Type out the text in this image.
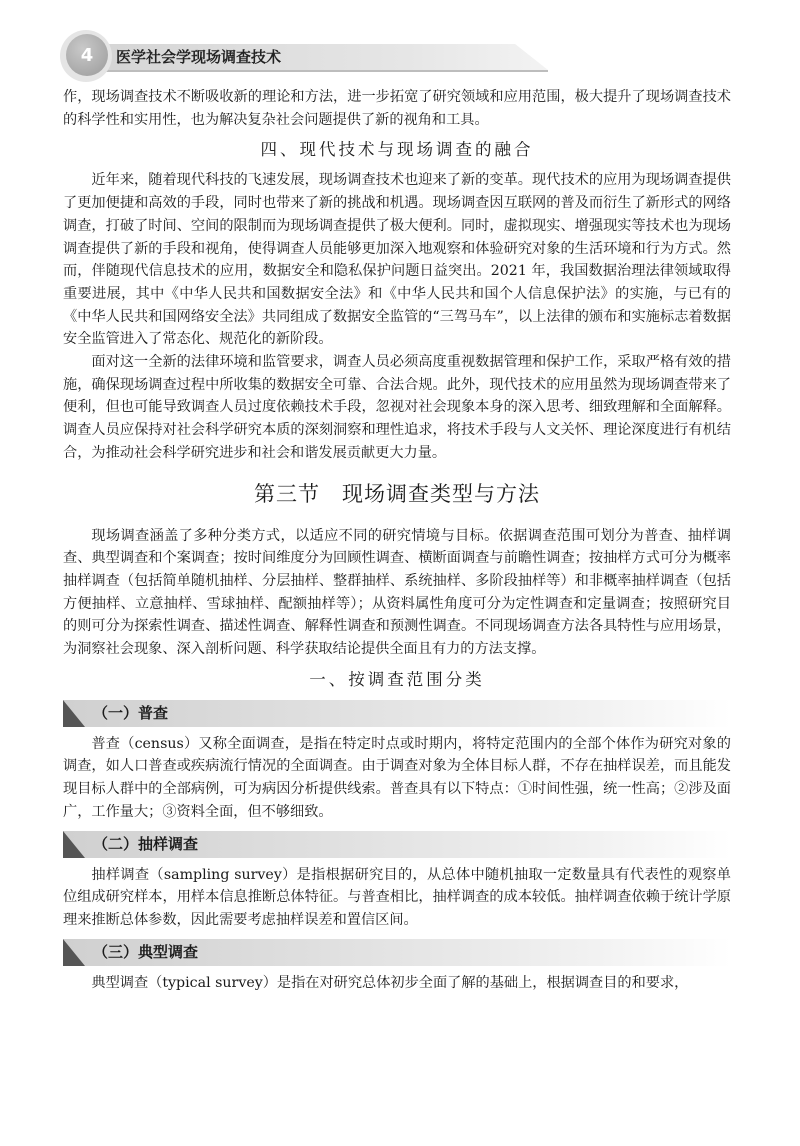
4	医学社会学现场调查技术

作，现场调查技术不断吸收新的理论和方法，进一步拓宽了研究领域和应用范围，极大提升了现场调查技术的科学性和实用性，也为解决复杂社会问题提供了新的视角和工具。

四、现代技术与现场调查的融合

近年来，随着现代科技的飞速发展，现场调查技术也迎来了新的变革。现代技术的应用为现场调查提供了更加便捷和高效的手段，同时也带来了新的挑战和机遇。现场调查因互联网的普及而衍生了新形式的网络调查，打破了时间、空间的限制而为现场调查提供了极大便利。同时，虚拟现实、增强现实等技术也为现场调查提供了新的手段和视角，使得调查人员能够更加深入地观察和体验研究对象的生活环境和行为方式。然而，伴随现代信息技术的应用，数据安全和隐私保护问题日益突出。2021 年，我国数据治理法律领域取得重要进展，其中《中华人民共和国数据安全法》和《中华人民共和国个人信息保护法》的实施，与已有的《中华人民共和国网络安全法》共同组成了数据安全监管的“三驾马车”，以上法律的颁布和实施标志着数据安全监管进入了常态化、规范化的新阶段。

面对这一全新的法律环境和监管要求，调查人员必须高度重视数据管理和保护工作，采取严格有效的措施，确保现场调查过程中所收集的数据安全可靠、合法合规。此外，现代技术的应用虽然为现场调查带来了便利，但也可能导致调查人员过度依赖技术手段，忽视对社会现象本身的深入思考、细致理解和全面解释。调查人员应保持对社会科学研究本质的深刻洞察和理性追求，将技术手段与人文关怀、理论深度进行有机结合，为推动社会科学研究进步和社会和谐发展贡献更大力量。

第三节 现场调查类型与方法

现场调查涵盖了多种分类方式，以适应不同的研究情境与目标。依据调查范围可划分为普查、抽样调查、典型调查和个案调查；按时间维度分为回顾性调查、横断面调查与前瞻性调查；按抽样方式可分为概率抽样调查（包括简单随机抽样、分层抽样、整群抽样、系统抽样、多阶段抽样等）和非概率抽样调查（包括方便抽样、立意抽样、雪球抽样、配额抽样等）；从资料属性角度可分为定性调查和定量调查；按照研究目的则可分为探索性调查、描述性调查、解释性调查和预测性调查。不同现场调查方法各具特性与应用场景，为洞察社会现象、深入剖析问题、科学获取结论提供全面且有力的方法支撑。

一、按调查范围分类
（一）普查

普查（census）又称全面调查，是指在特定时点或时期内，将特定范围内的全部个体作为研究对象的调查，如人口普查或疾病流行情况的全面调查。由于调查对象为全体目标人群，不存在抽样误差，而且能发现目标人群中的全部病例，可为病因分析提供线索。普查具有以下特点：①时间性强，统一性高；②涉及面广，工作量大；③资料全面，但不够细致。

（二）抽样调查

抽样调查（sampling survey）是指根据研究目的，从总体中随机抽取一定数量具有代表性的观察单位组成研究样本，用样本信息推断总体特征。与普查相比，抽样调查的成本较低。抽样调查依赖于统计学原理来推断总体参数，因此需要考虑抽样误差和置信区间。

（三）典型调查

典型调查（typical survey）是指在对研究总体初步全面了解的基础上，根据调查目的和要求，
